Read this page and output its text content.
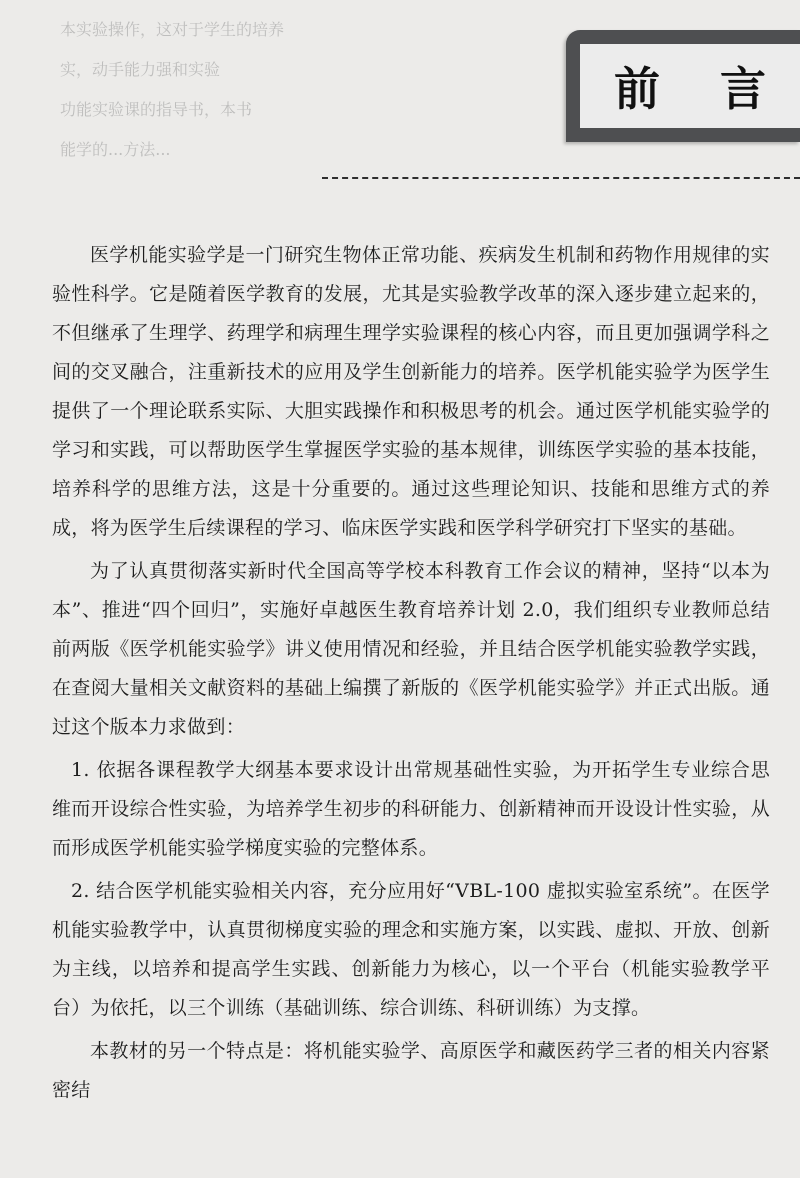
本实验操作，这对于学生的培养
实，动手能力强和实验
功能实验课的指导书，本书
能学的...方法...
前 言

医学机能实验学是一门研究生物体正常功能、疾病发生机制和药物作用规律的实验性科学。它是随着医学教育的发展，尤其是实验教学改革的深入逐步建立起来的，不但继承了生理学、药理学和病理生理学实验课程的核心内容，而且更加强调学科之间的交叉融合，注重新技术的应用及学生创新能力的培养。医学机能实验学为医学生提供了一个理论联系实际、大胆实践操作和积极思考的机会。通过医学机能实验学的学习和实践，可以帮助医学生掌握医学实验的基本规律，训练医学实验的基本技能，培养科学的思维方法，这是十分重要的。通过这些理论知识、技能和思维方式的养成，将为医学生后续课程的学习、临床医学实践和医学科学研究打下坚实的基础。

为了认真贯彻落实新时代全国高等学校本科教育工作会议的精神，坚持“以本为本”、推进“四个回归”，实施好卓越医生教育培养计划 2.0，我们组织专业教师总结前两版《医学机能实验学》讲义使用情况和经验，并且结合医学机能实验教学实践，在查阅大量相关文献资料的基础上编撰了新版的《医学机能实验学》并正式出版。通过这个版本力求做到：

1. 依据各课程教学大纲基本要求设计出常规基础性实验，为开拓学生专业综合思维而开设综合性实验，为培养学生初步的科研能力、创新精神而开设设计性实验，从而形成医学机能实验学梯度实验的完整体系。

2. 结合医学机能实验相关内容，充分应用好“VBL-100 虚拟实验室系统”。在医学机能实验教学中，认真贯彻梯度实验的理念和实施方案，以实践、虚拟、开放、创新为主线，以培养和提高学生实践、创新能力为核心，以一个平台（机能实验教学平台）为依托，以三个训练（基础训练、综合训练、科研训练）为支撑。

本教材的另一个特点是：将机能实验学、高原医学和藏医药学三者的相关内容紧密结
